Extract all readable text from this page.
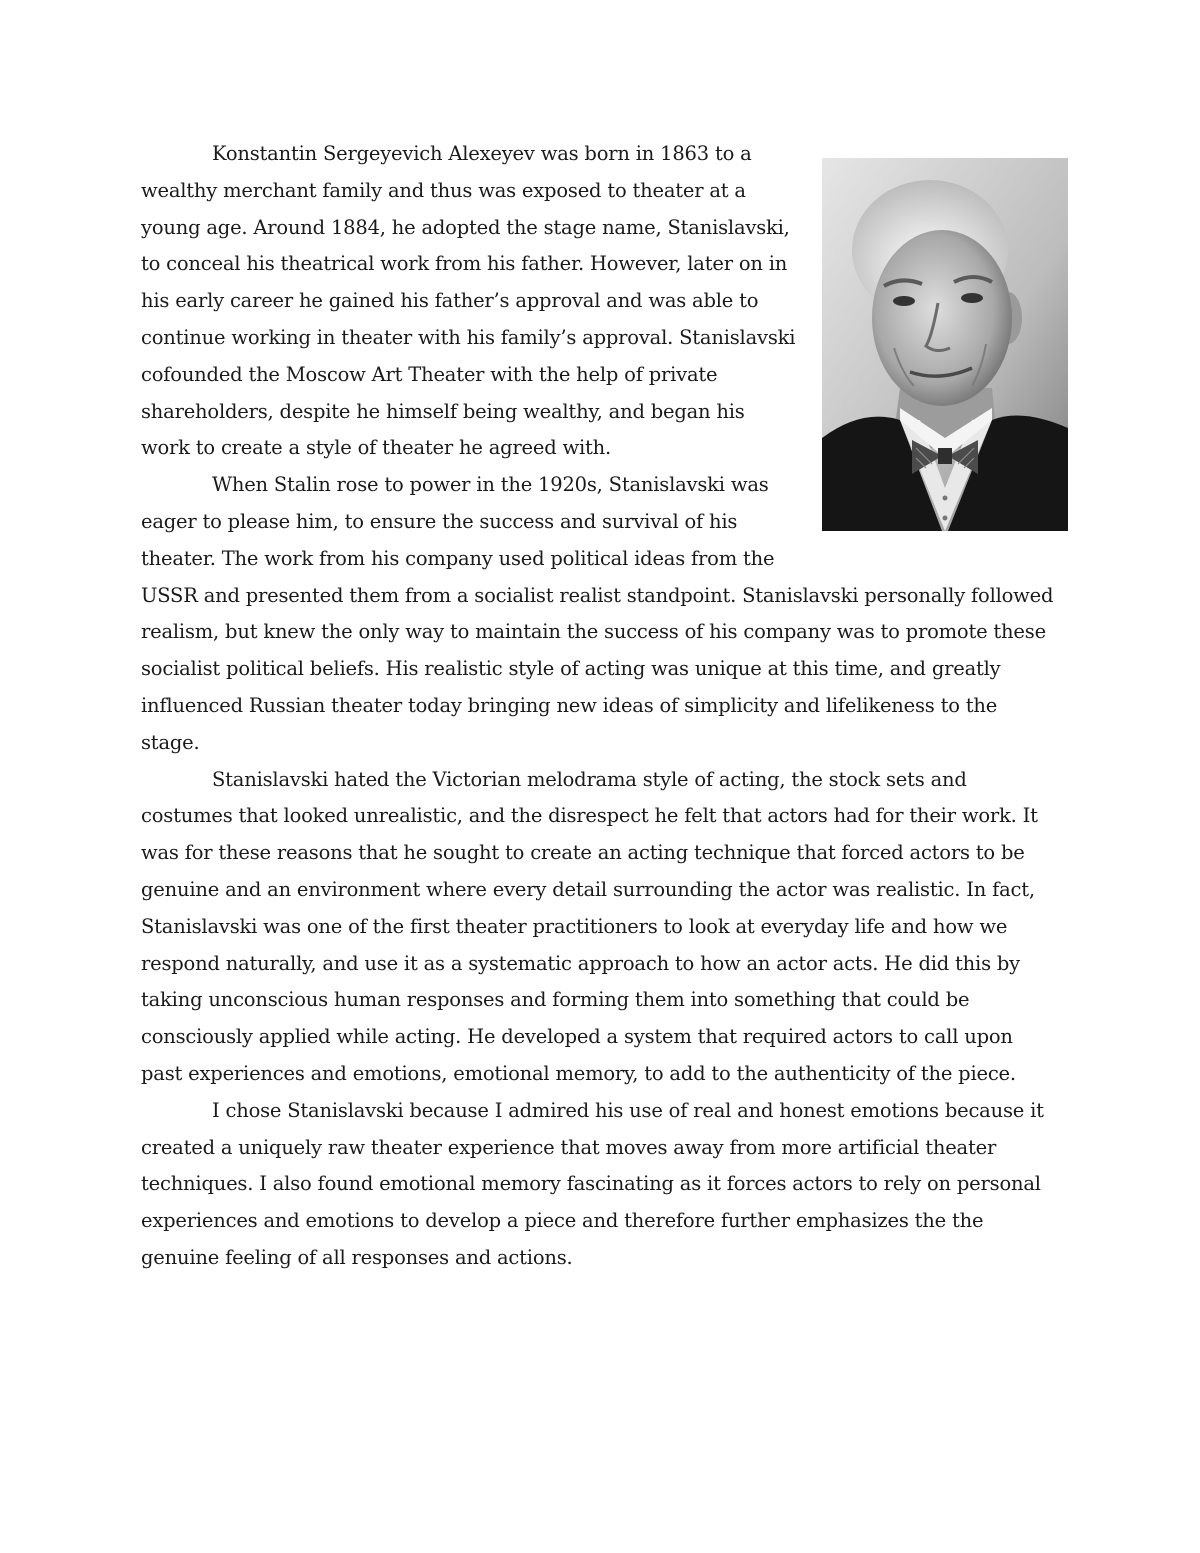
Konstantin Sergeyevich Alexeyev was born in 1863 to a wealthy merchant family and thus was exposed to theater at a young age. Around 1884, he adopted the stage name, Stanislavski, to conceal his theatrical work from his father. However, later on in his early career he gained his father’s approval and was able to continue working in theater with his family’s approval. Stanislavski cofounded the Moscow Art Theater with the help of private shareholders, despite he himself being wealthy, and began his work to create a style of theater he agreed with.

When Stalin rose to power in the 1920s, Stanislavski was eager to please him, to ensure the success and survival of his theater. The work from his company used political ideas from the USSR and presented them from a socialist realist standpoint. Stanislavski personally followed realism, but knew the only way to maintain the success of his company was to promote these socialist political beliefs. His realistic style of acting was unique at this time, and greatly influenced Russian theater today bringing new ideas of simplicity and lifelikeness to the stage.

Stanislavski hated the Victorian melodrama style of acting, the stock sets and costumes that looked unrealistic, and the disrespect he felt that actors had for their work. It was for these reasons that he sought to create an acting technique that forced actors to be genuine and an environment where every detail surrounding the actor was realistic. In fact, Stanislavski was one of the first theater practitioners to look at everyday life and how we respond naturally, and use it as a systematic approach to how an actor acts. He did this by taking unconscious human responses and forming them into something that could be consciously applied while acting. He developed a system that required actors to call upon past experiences and emotions, emotional memory, to add to the authenticity of the piece.

I chose Stanislavski because I admired his use of real and honest emotions because it created a uniquely raw theater experience that moves away from more artificial theater techniques. I also found emotional memory fascinating as it forces actors to rely on personal experiences and emotions to develop a piece and therefore further emphasizes the the genuine feeling of all responses and actions.
